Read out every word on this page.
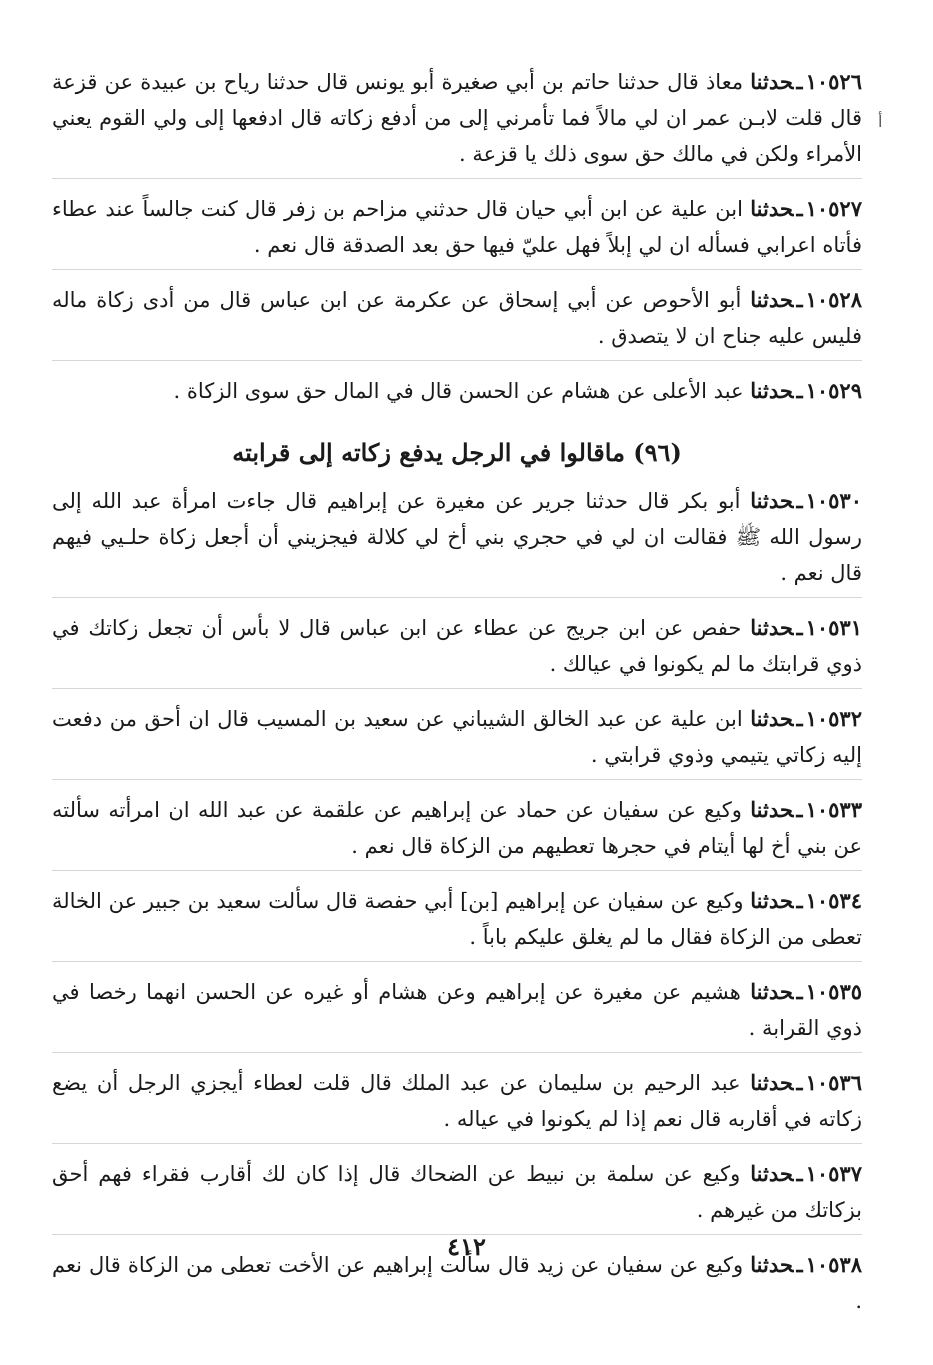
أ

١٠٥٢٦ـحدثنا معاذ قال حدثنا حاتم بن أبي صغيرة أبو يونس قال حدثنا رياح بن عبيدة عن قزعة قال قلت لابـن عمر ان لي مالاً فما تأمرني إلى من أدفع زكاته قال ادفعها إلى ولي القوم يعني الأمراء ولكن في مالك حق سوى ذلك يا قزعة .

١٠٥٢٧ـحدثنا ابن علية عن ابن أبي حيان قال حدثني مزاحم بن زفر قال كنت جالساً عند عطاء فأتاه اعرابي فسأله ان لي إبلاً فهل عليّ فيها حق بعد الصدقة قال نعم .

١٠٥٢٨ـحدثنا أبو الأحوص عن أبي إسحاق عن عكرمة عن ابن عباس قال من أدى زكاة ماله فليس عليه جناح ان لا يتصدق .

١٠٥٢٩ـحدثنا عبد الأعلى عن هشام عن الحسن قال في المال حق سوى الزكاة .

(٩٦) ماقالوا في الرجل يدفع زكاته إلى قرابته

١٠٥٣٠ـحدثنا أبو بكر قال حدثنا جرير عن مغيرة عن إبراهيم قال جاءت امرأة عبد الله إلى رسول الله ﷺ فقالت ان لي في حجري بني أخ لي كلالة فيجزيني أن أجعل زكاة حلـيي فيهم قال نعم .

١٠٥٣١ـحدثنا حفص عن ابن جريج عن عطاء عن ابن عباس قال لا بأس أن تجعل زكاتك في ذوي قرابتك ما لم يكونوا في عيالك .

١٠٥٣٢ـحدثنا ابن علية عن عبد الخالق الشيباني عن سعيد بن المسيب قال ان أحق من دفعت إليه زكاتي يتيمي وذوي قرابتي .

١٠٥٣٣ـحدثنا وكيع عن سفيان عن حماد عن إبراهيم عن علقمة عن عبد الله ان امرأته سألته عن بني أخ لها أيتام في حجرها تعطيهم من الزكاة قال نعم .

١٠٥٣٤ـحدثنا وكيع عن سفيان عن إبراهيم [بن] أبي حفصة قال سألت سعيد بن جبير عن الخالة تعطى من الزكاة فقال ما لم يغلق عليكم باباً .

١٠٥٣٥ـحدثنا هشيم عن مغيرة عن إبراهيم وعن هشام أو غيره عن الحسن انهما رخصا في ذوي القرابة .

١٠٥٣٦ـحدثنا عبد الرحيم بن سليمان عن عبد الملك قال قلت لعطاء أيجزي الرجل أن يضع زكاته في أقاربه قال نعم إذا لم يكونوا في عياله .

١٠٥٣٧ـحدثنا وكيع عن سلمة بن نبيط عن الضحاك قال إذا كان لك أقارب فقراء فهم أحق بزكاتك من غيرهم .

١٠٥٣٨ـحدثنا وكيع عن سفيان عن زيد قال سألت إبراهيم عن الأخت تعطى من الزكاة قال نعم .

٤١٢
